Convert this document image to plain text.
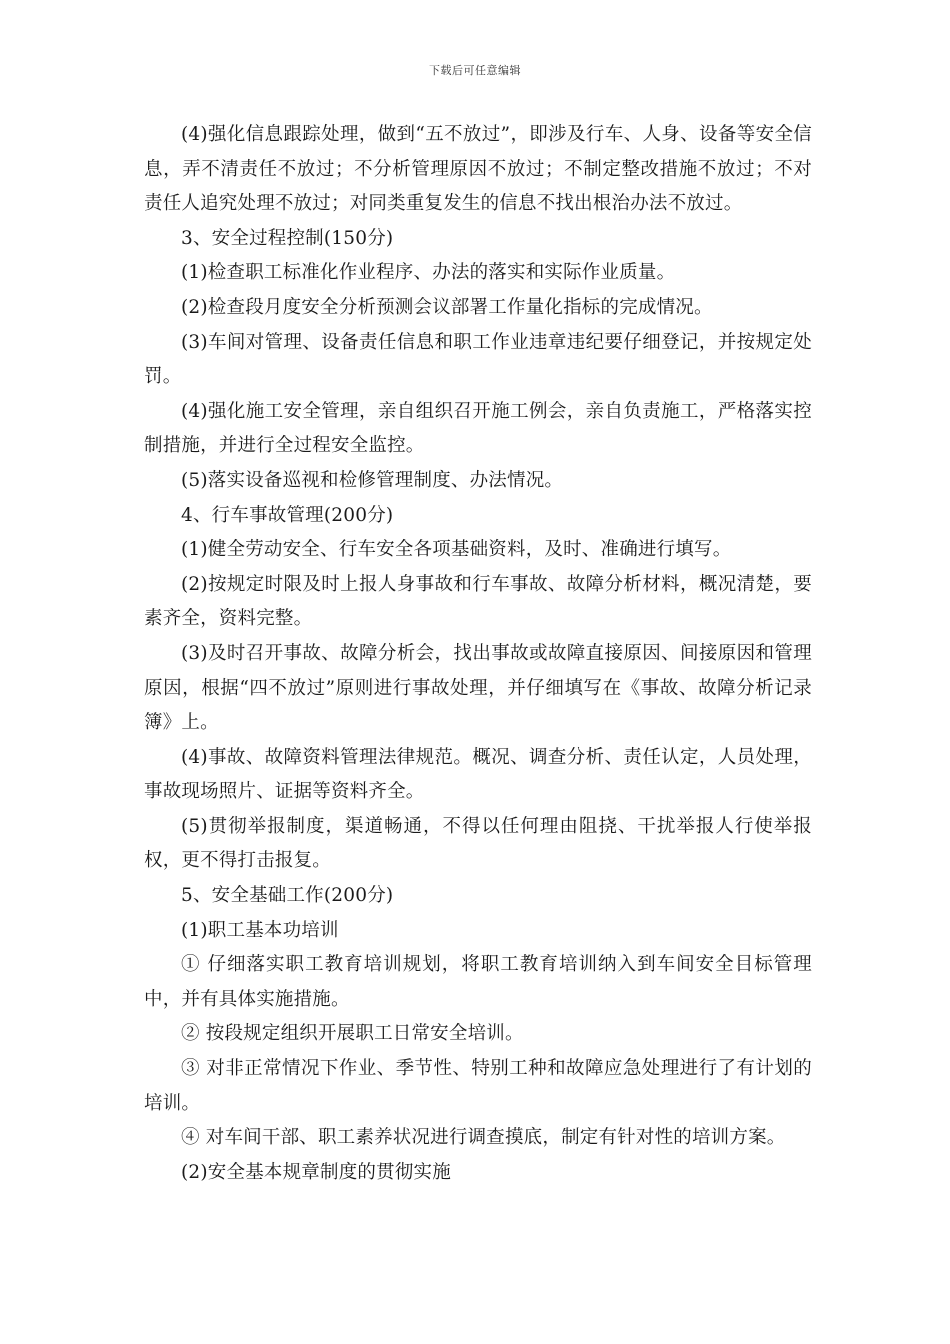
下载后可任意编辑

(4)强化信息跟踪处理，做到“五不放过”，即涉及行车、人身、设备等安全信息，弄不清责任不放过；不分析管理原因不放过；不制定整改措施不放过；不对责任人追究处理不放过；对同类重复发生的信息不找出根治办法不放过。

3、安全过程控制(150分)

(1)检查职工标准化作业程序、办法的落实和实际作业质量。

(2)检查段月度安全分析预测会议部署工作量化指标的完成情况。

(3)车间对管理、设备责任信息和职工作业违章违纪要仔细登记，并按规定处罚。

(4)强化施工安全管理，亲自组织召开施工例会，亲自负责施工，严格落实控制措施，并进行全过程安全监控。

(5)落实设备巡视和检修管理制度、办法情况。

4、行车事故管理(200分)

(1)健全劳动安全、行车安全各项基础资料，及时、准确进行填写。

(2)按规定时限及时上报人身事故和行车事故、故障分析材料，概况清楚，要素齐全，资料完整。

(3)及时召开事故、故障分析会，找出事故或故障直接原因、间接原因和管理原因，根据“四不放过”原则进行事故处理，并仔细填写在《事故、故障分析记录簿》上。

(4)事故、故障资料管理法律规范。概况、调查分析、责任认定，人员处理，事故现场照片、证据等资料齐全。

(5)贯彻举报制度，渠道畅通，不得以任何理由阻挠、干扰举报人行使举报权，更不得打击报复。

5、安全基础工作(200分)

(1)职工基本功培训

① 仔细落实职工教育培训规划，将职工教育培训纳入到车间安全目标管理中，并有具体实施措施。

② 按段规定组织开展职工日常安全培训。

③ 对非正常情况下作业、季节性、特别工种和故障应急处理进行了有计划的培训。

④ 对车间干部、职工素养状况进行调查摸底，制定有针对性的培训方案。

(2)安全基本规章制度的贯彻实施
